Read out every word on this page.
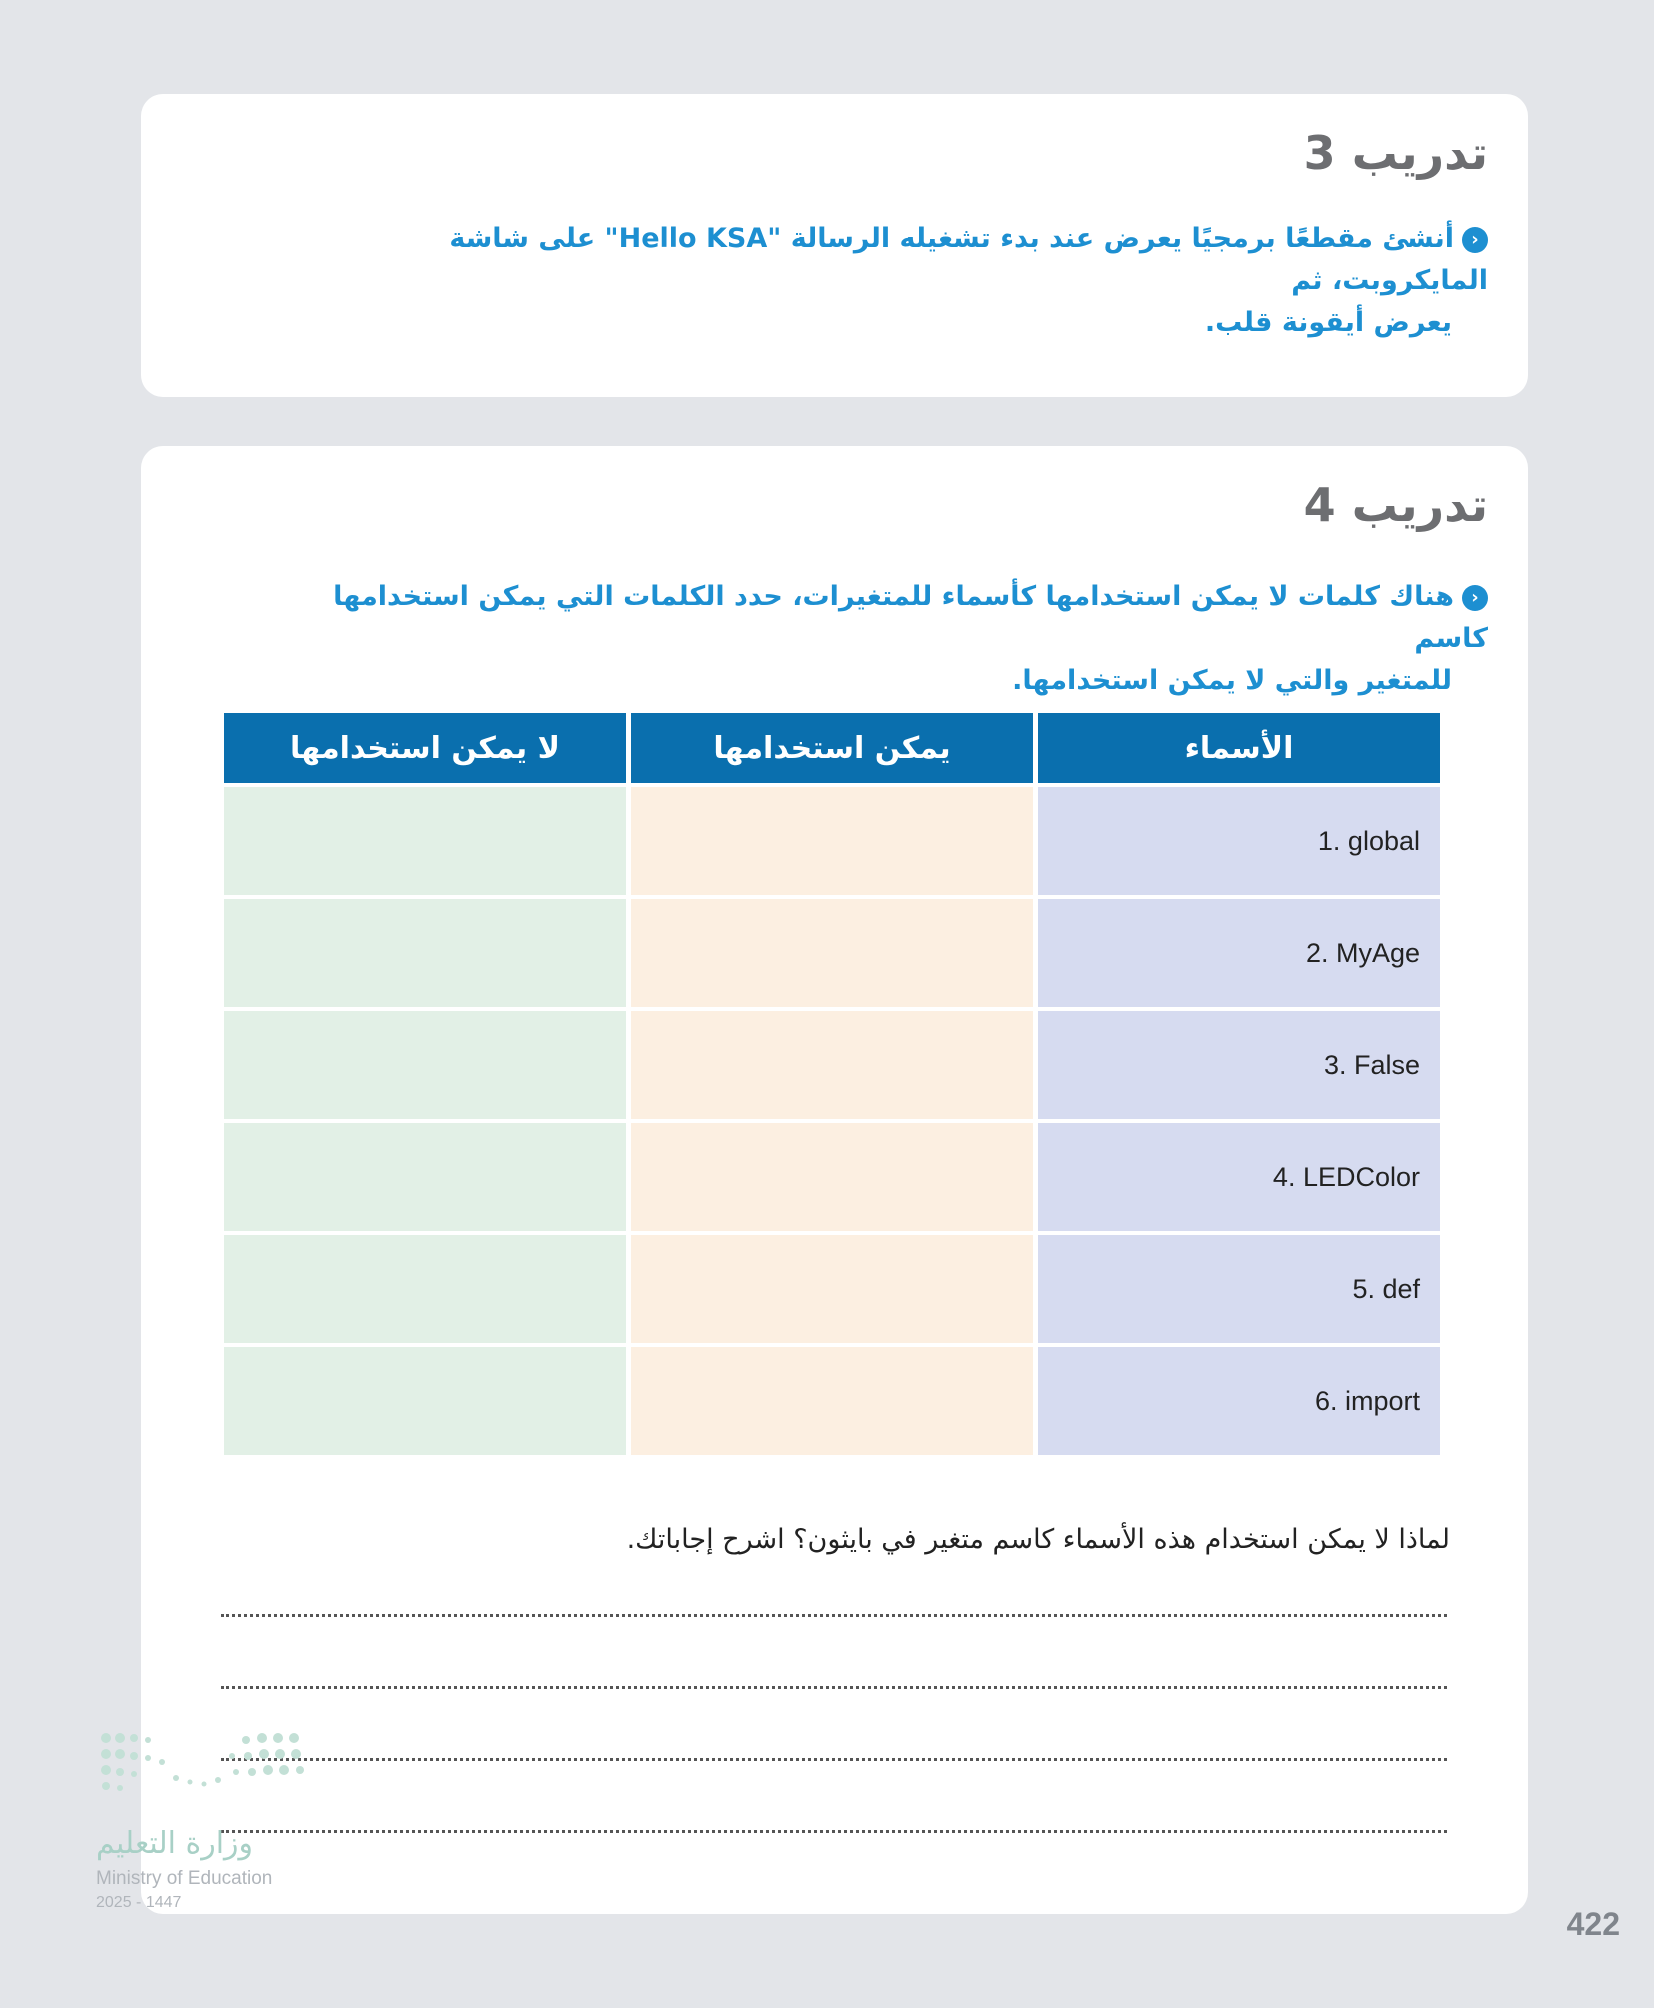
تدريب 3
‹أنشئ مقطعًا برمجيًا يعرض عند بدء تشغيله الرسالة "Hello KSA" على شاشة المايكروبت، ثم
يعرض أيقونة قلب.
تدريب 4
‹هناك كلمات لا يمكن استخدامها كأسماء للمتغيرات، حدد الكلمات التي يمكن استخدامها كاسم
للمتغير والتي لا يمكن استخدامها.
الأسماء	يمكن استخدامها	لا يمكن استخدامها
1. global		
2. MyAge		
3. False		
4. LEDColor		
5. def		
6. import		
لماذا لا يمكن استخدام هذه الأسماء كاسم متغير في بايثون؟ اشرح إجاباتك.
وزارة التعليم
Ministry of Education
2025 - 1447
422
